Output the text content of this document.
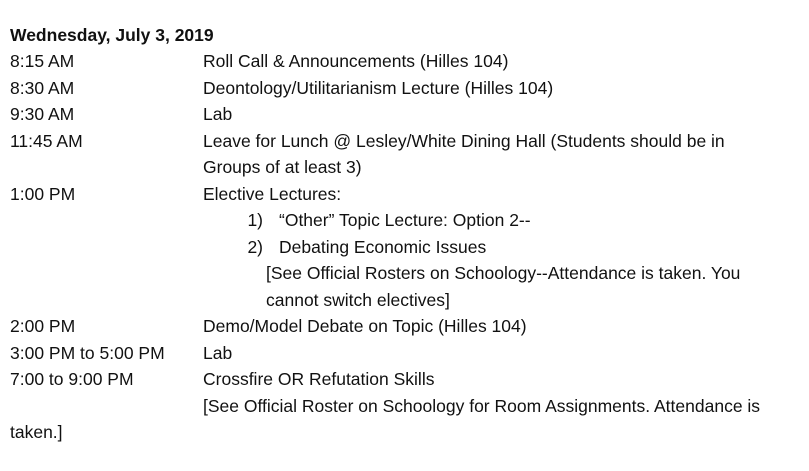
Wednesday, July 3, 2019
8:15 AM	Roll Call & Announcements (Hilles 104)
8:30 AM	Deontology/Utilitarianism Lecture (Hilles 104)
9:30 AM	Lab
11:45 AM	Leave for Lunch @ Lesley/White Dining Hall (Students should be in
Groups of at least 3)
1:00 PM	Elective Lectures:
1) “Other” Topic Lecture: Option 2--
2) Debating Economic Issues
[See Official Rosters on Schoology--Attendance is taken. You
cannot switch electives]
2:00 PM	Demo/Model Debate on Topic (Hilles 104)
3:00 PM to 5:00 PM	Lab
7:00 to 9:00 PM	Crossfire OR Refutation Skills
[See Official Roster on Schoology for Room Assignments. Attendance is
taken.]
